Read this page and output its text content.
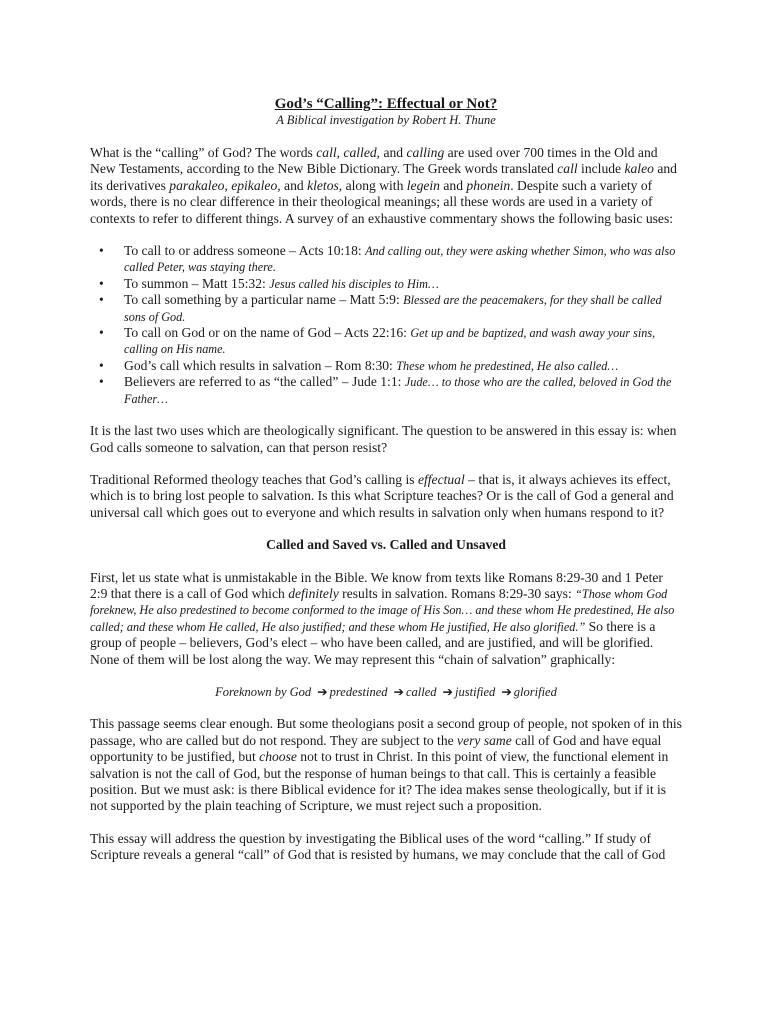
God’s “Calling”: Effectual or Not?
A Biblical investigation by Robert H. Thune

What is the “calling” of God? The words call, called, and calling are used over 700 times in the Old and New Testaments, according to the New Bible Dictionary. The Greek words translated call include kaleo and its derivatives parakaleo, epikaleo, and kletos, along with legein and phonein. Despite such a variety of words, there is no clear difference in their theological meanings; all these words are used in a variety of contexts to refer to different things. A survey of an exhaustive commentary shows the following basic uses:

• To call to or address someone – Acts 10:18: And calling out, they were asking whether Simon, who was also called Peter, was staying there.
• To summon – Matt 15:32: Jesus called his disciples to Him…
• To call something by a particular name – Matt 5:9: Blessed are the peacemakers, for they shall be called sons of God.
• To call on God or on the name of God – Acts 22:16: Get up and be baptized, and wash away your sins, calling on His name.
• God’s call which results in salvation – Rom 8:30: These whom he predestined, He also called…
• Believers are referred to as “the called” – Jude 1:1: Jude… to those who are the called, beloved in God the Father…

It is the last two uses which are theologically significant. The question to be answered in this essay is: when God calls someone to salvation, can that person resist?

Traditional Reformed theology teaches that God’s calling is effectual – that is, it always achieves its effect, which is to bring lost people to salvation. Is this what Scripture teaches? Or is the call of God a general and universal call which goes out to everyone and which results in salvation only when humans respond to it?

Called and Saved vs. Called and Unsaved

First, let us state what is unmistakable in the Bible. We know from texts like Romans 8:29-30 and 1 Peter 2:9 that there is a call of God which definitely results in salvation. Romans 8:29-30 says: “Those whom God foreknew, He also predestined to become conformed to the image of His Son… and these whom He predestined, He also called; and these whom He called, He also justified; and these whom He justified, He also glorified.” So there is a group of people – believers, God’s elect – who have been called, and are justified, and will be glorified. None of them will be lost along the way. We may represent this “chain of salvation” graphically:

Foreknown by God ➔ predestined ➔ called ➔ justified ➔ glorified

This passage seems clear enough. But some theologians posit a second group of people, not spoken of in this passage, who are called but do not respond. They are subject to the very same call of God and have equal opportunity to be justified, but choose not to trust in Christ. In this point of view, the functional element in salvation is not the call of God, but the response of human beings to that call. This is certainly a feasible position. But we must ask: is there Biblical evidence for it? The idea makes sense theologically, but if it is not supported by the plain teaching of Scripture, we must reject such a proposition.

This essay will address the question by investigating the Biblical uses of the word “calling.” If study of Scripture reveals a general “call” of God that is resisted by humans, we may conclude that the call of God
